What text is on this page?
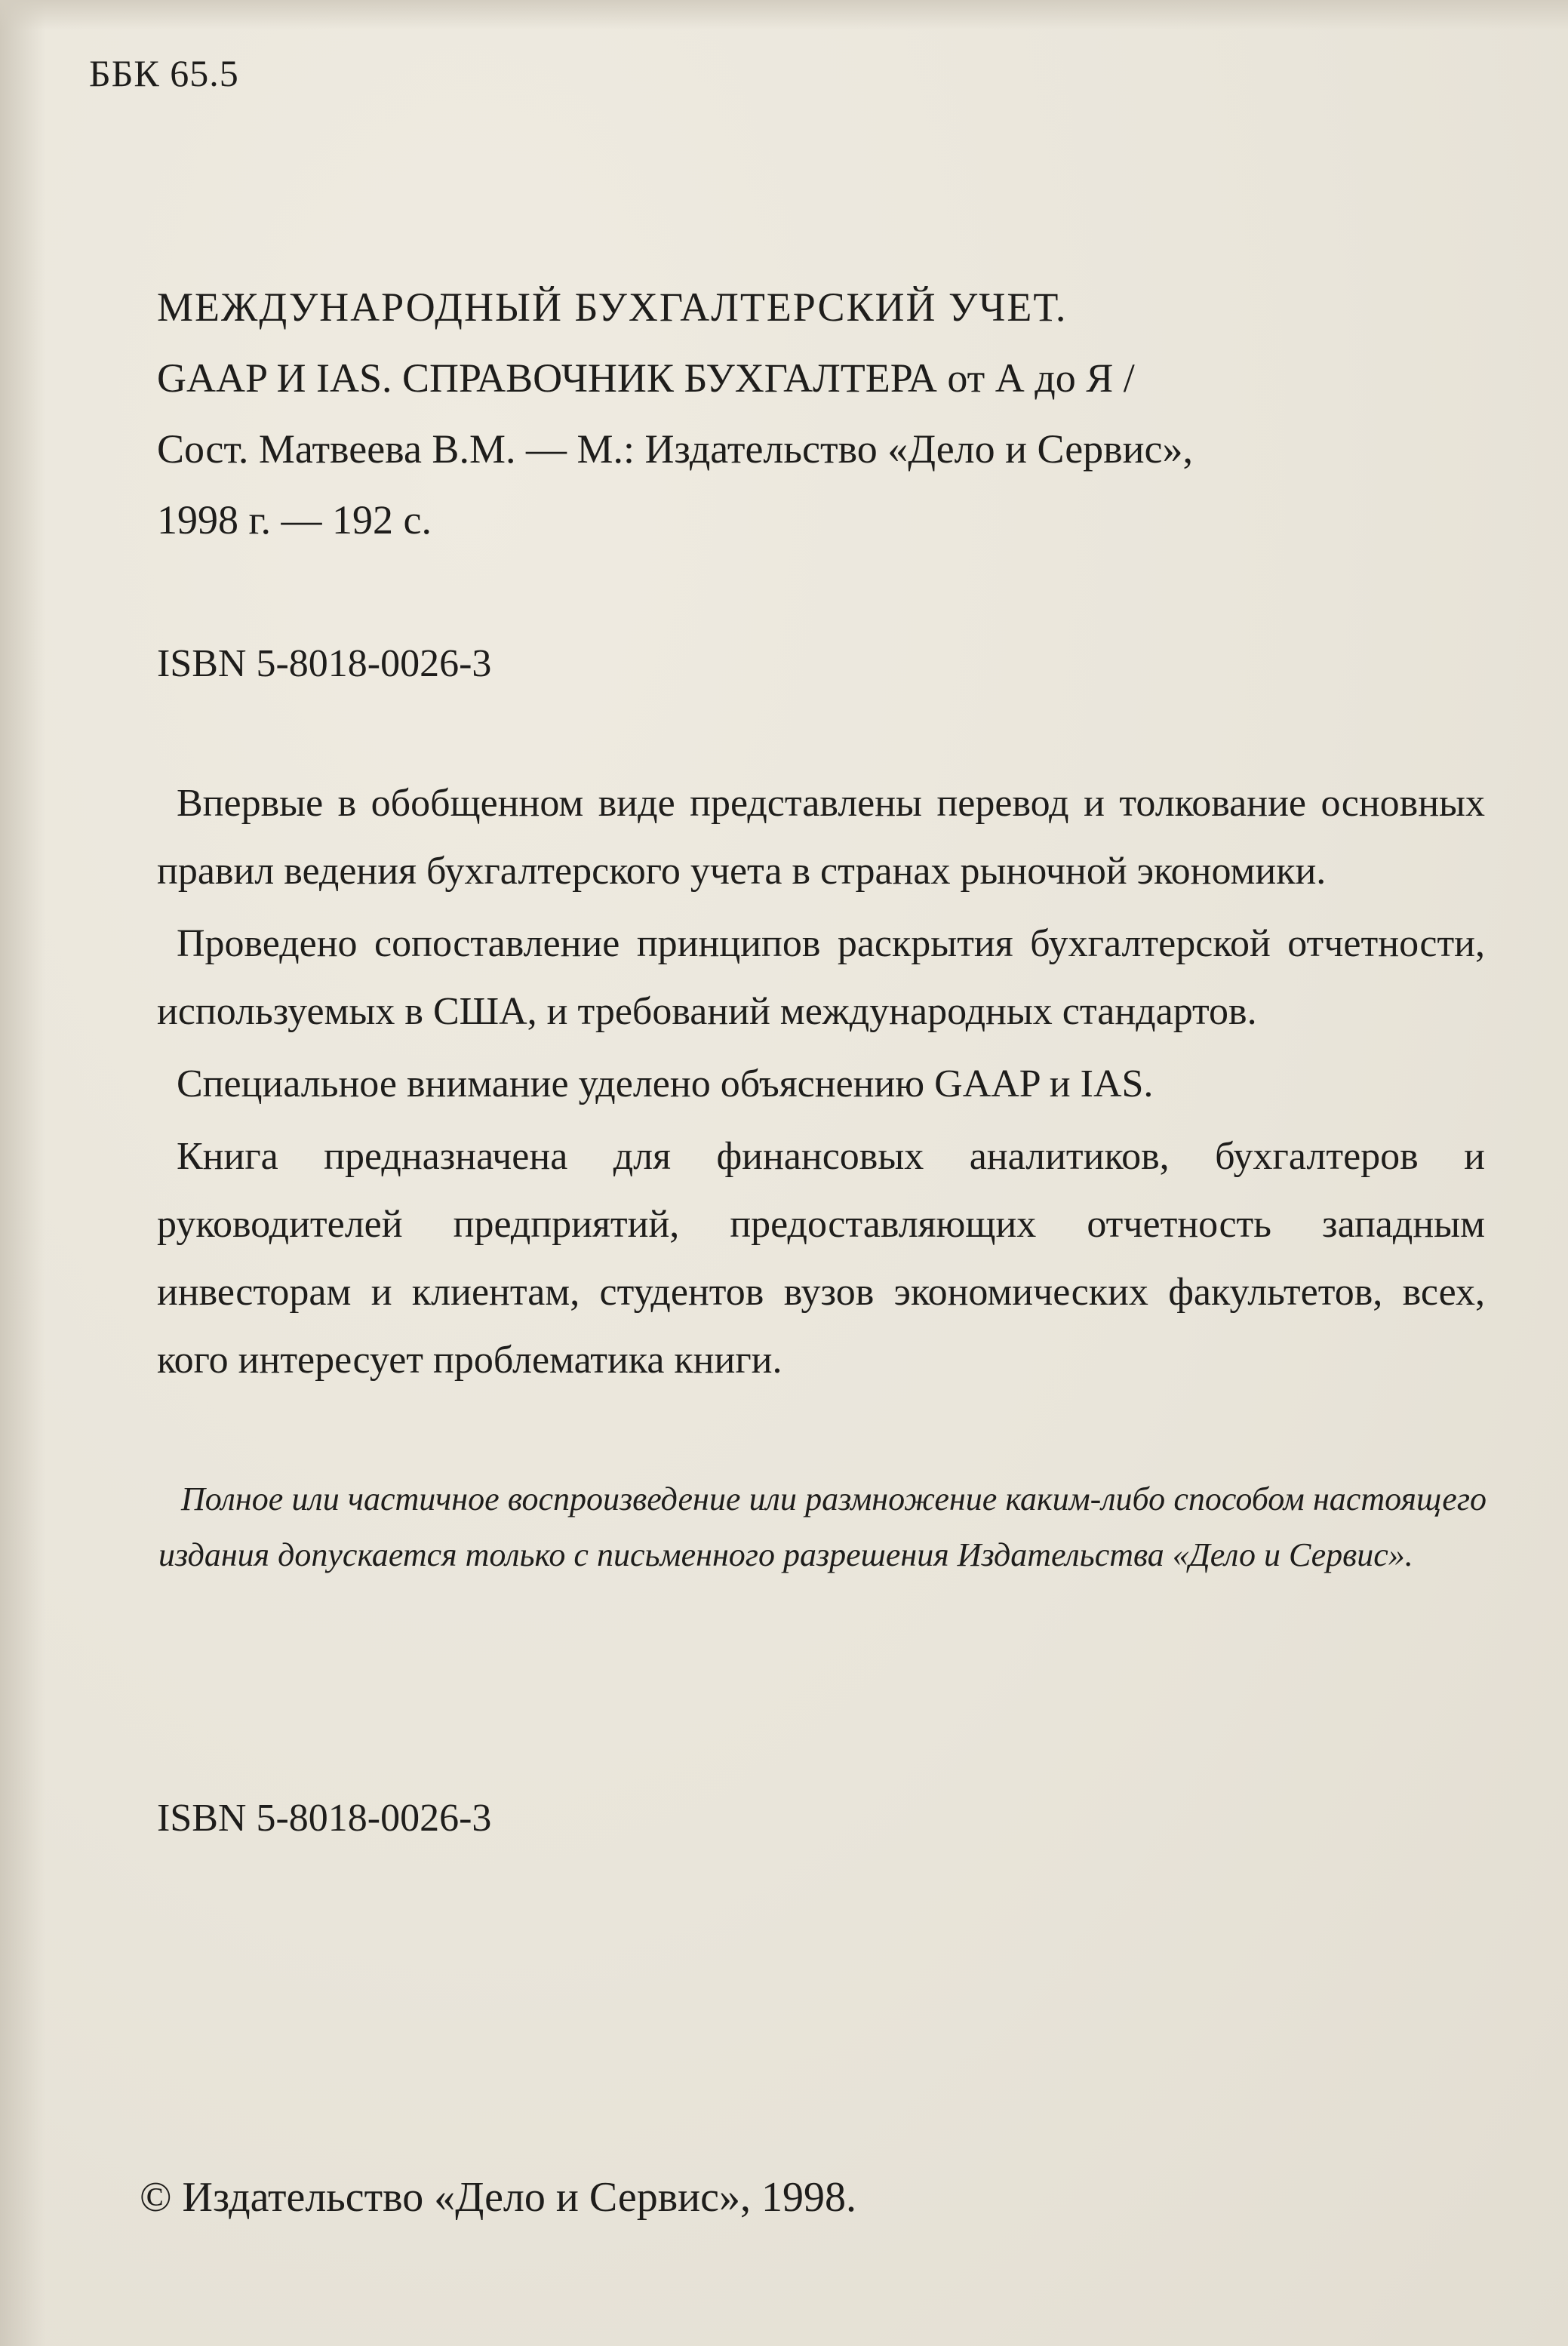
ББК 65.5
МЕЖДУНАРОДНЫЙ БУХГАЛТЕРСКИЙ УЧЕТ.
GAAP И IAS. СПРАВОЧНИК БУХГАЛТЕРА от А до Я /
Сост. Матвеева В.М. — М.: Издательство «Дело и Сервис»,
1998 г. — 192 с.
ISBN 5-8018-0026-3

Впервые в обобщенном виде представлены перевод и толкование основных правил ведения бухгалтерского учета в странах рыночной экономики.

Проведено сопоставление принципов раскрытия бухгалтерской отчетности, используемых в США, и требований международных стандартов.

Специальное внимание уделено объяснению GAAP и IAS.

Книга предназначена для финансовых аналитиков, бухгалтеров и руководителей предприятий, предоставляющих отчетность западным инвесторам и клиентам, студентов вузов экономических факультетов, всех, кого интересует проблематика книги.

Полное или частичное воспроизведение или размножение каким-либо способом настоящего издания допускается только с письменного разрешения Издательства «Дело и Сервис».
ISBN 5-8018-0026-3
© Издательство «Дело и Сервис», 1998.
